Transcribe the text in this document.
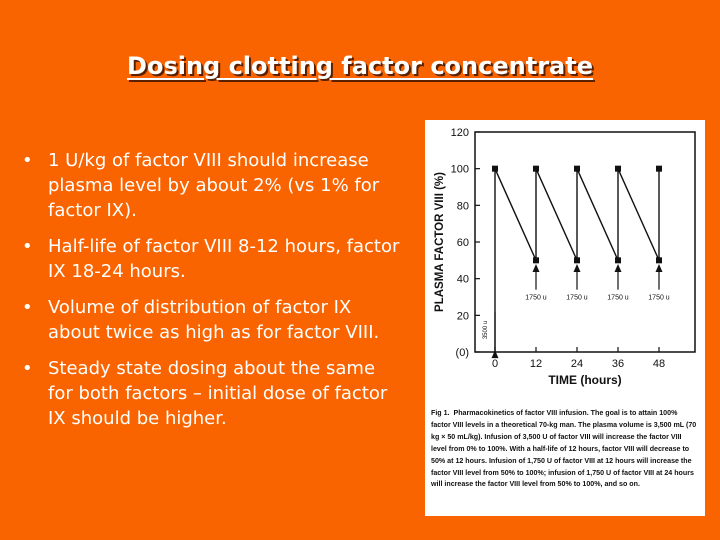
Dosing clotting factor concentrate
• 1 U/kg of factor VIII should increase plasma level by about 2% (vs 1% for factor IX).
• Half-life of factor VIII 8-12 hours, factor IX 18-24 hours.
• Volume of distribution of factor IX about twice as high as for factor VIII.
• Steady state dosing about the same for both factors – initial dose of factor IX should be higher.
(0)
20
40
60
80
100
120
0	12	24	36	48
TIME (hours)
PLASMA FACTOR VIII (%)
3500 u
1750 u	1750 u	1750 u	1750 u
Fig 1. Pharmacokinetics of factor VIII infusion. The goal is to attain 100% factor VIII levels in a theoretical 70-kg man. The plasma volume is 3,500 mL (70 kg × 50 mL/kg). Infusion of 3,500 U of factor VIII will increase the factor VIII level from 0% to 100%. With a half-life of 12 hours, factor VIII will decrease to 50% at 12 hours. Infusion of 1,750 U of factor VIII at 12 hours will increase the factor VIII level from 50% to 100%; infusion of 1,750 U of factor VIII at 24 hours will increase the factor VIII level from 50% to 100%, and so on.
